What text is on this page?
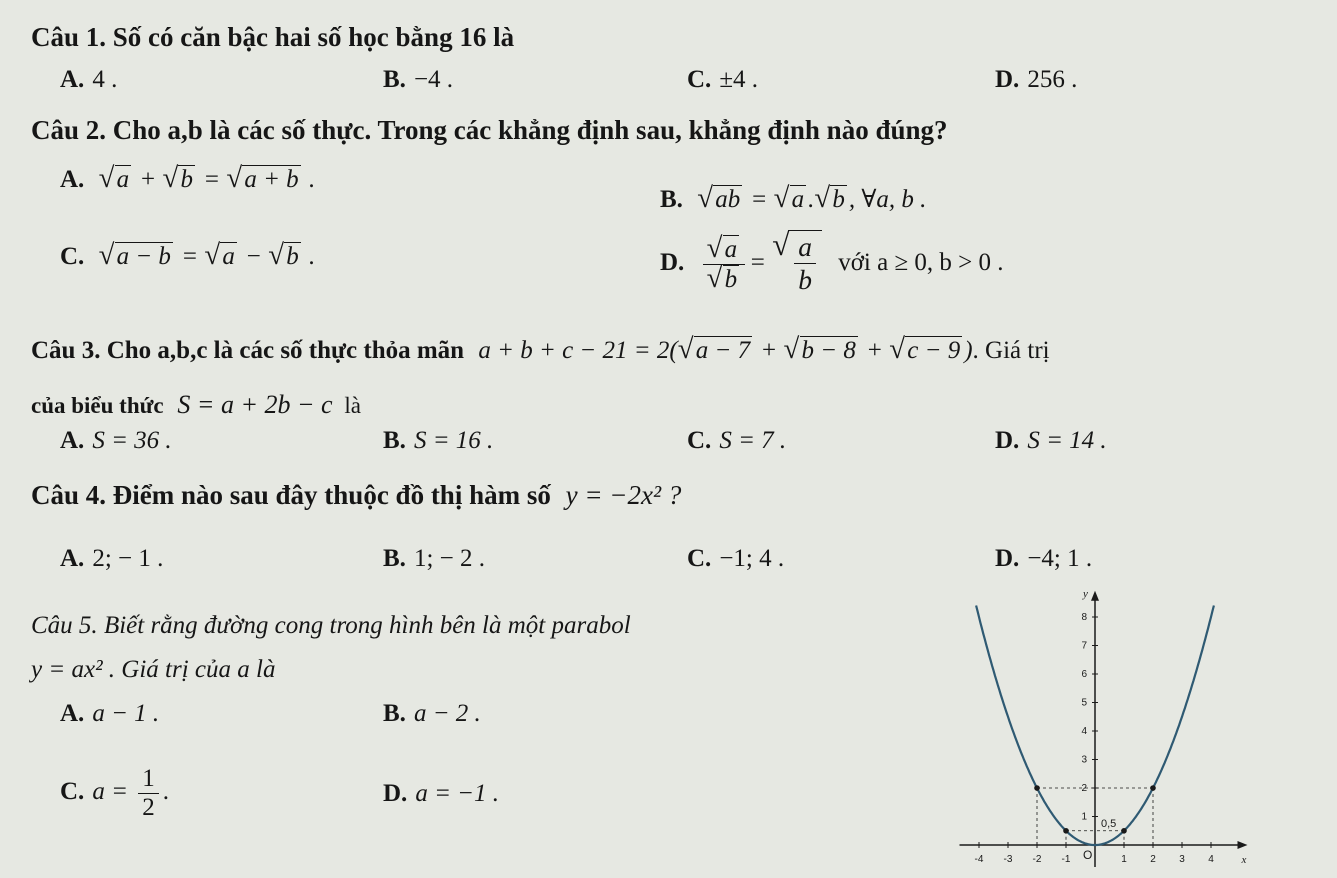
Câu 1. Số có căn bậc hai số học bằng 16 là
A. 4 .	B. −4 .	C. ±4 .	D. 256 .
Câu 2. Cho a,b là các số thực. Trong các khẳng định sau, khẳng định nào đúng?
A. √ a + √ b = √ a + b .
B. √ ab = √ a . √ b , ∀a, b .
C. √ a − b = √ a − √ b .	D. √ a
√ b = √ $\frac{a}{b}$ với a ≥ 0, b > 0 .
Câu 3. Cho a,b,c là các số thực thỏa mãn a + b + c − 21 = 2( √ a − 7 + √ b − 8 + √ c − 9 ). Giá trị
của biểu thức S = a + 2b − c là
A. S = 36 .	B. S = 16 .	C. S = 7 .	D. S = 14 .
Câu 4. Điểm nào sau đây thuộc đồ thị hàm số y = −2x² ?
A. 2; − 1 .	B. 1; − 2 .	C. −1; 4 .	D. −4; 1 .
Câu 5. Biết rằng đường cong trong hình bên là một parabol
y = ax² . Giá trị của a là
A. a − 1 .	B. a − 2 .
C. $a = \frac{1}{2}$ .	D. a = −1 .
-4 -3 -2 -1	1 2 3 4
1
2
3
4
5
6
7
8
x
y
O
0,5
